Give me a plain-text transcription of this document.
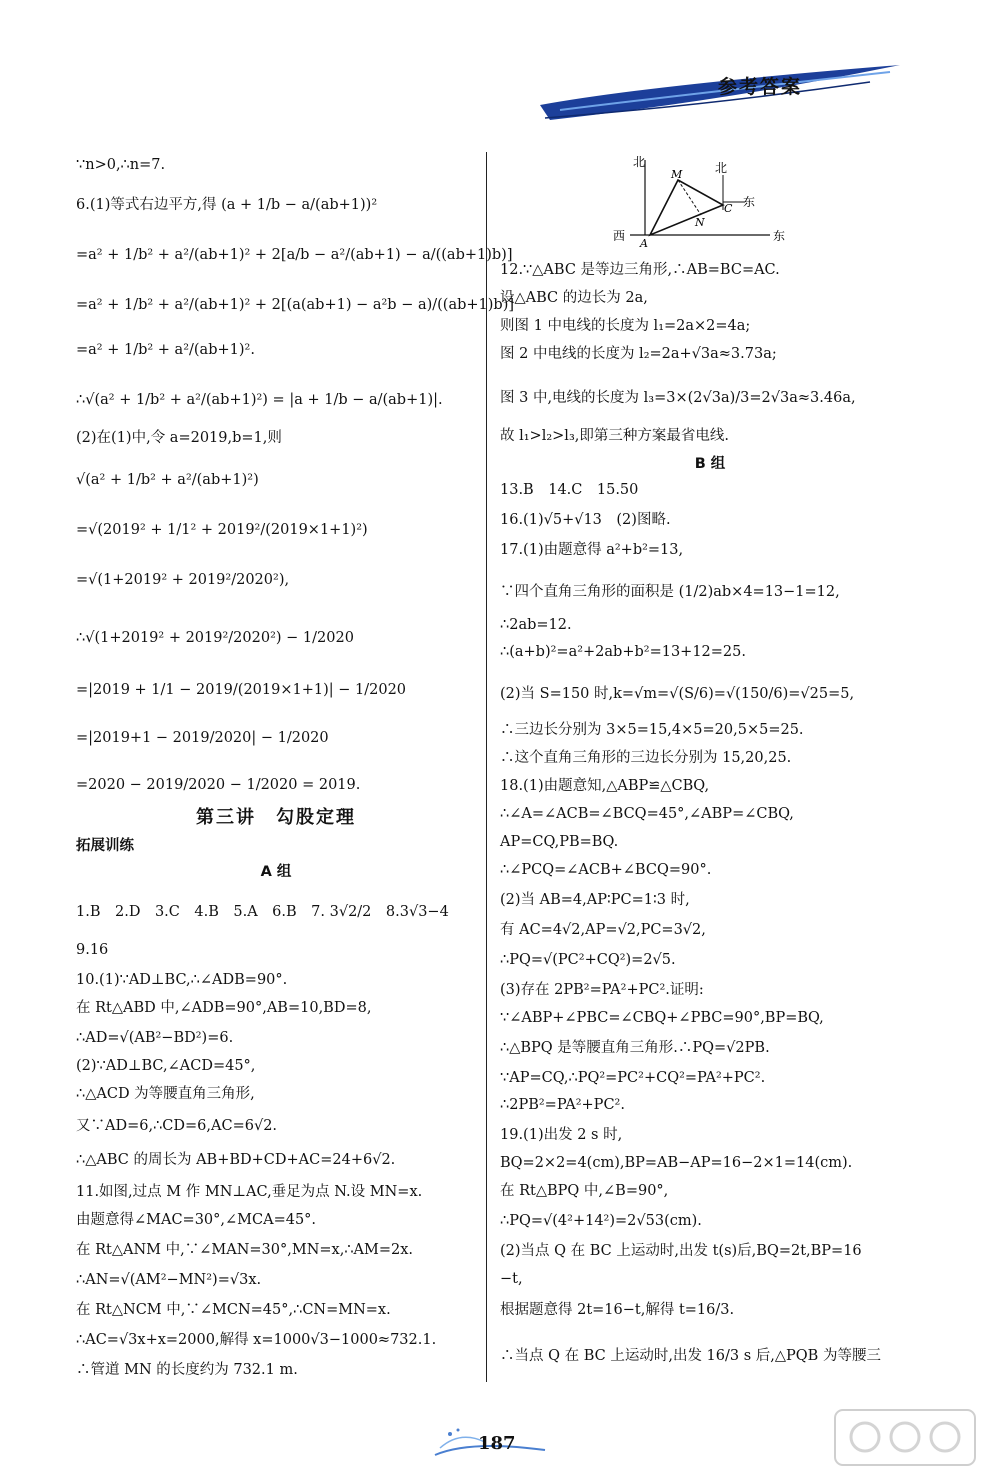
参考答案
∵n>0,∴n=7.
6.(1)等式右边平方,得 (a + 1/b − a/(ab+1))²
=a² + 1/b² + a²/(ab+1)² + 2[a/b − a²/(ab+1) − a/((ab+1)b)]
=a² + 1/b² + a²/(ab+1)² + 2[(a(ab+1) − a²b − a)/((ab+1)b)]
=a² + 1/b² + a²/(ab+1)².
∴√(a² + 1/b² + a²/(ab+1)²) = |a + 1/b − a/(ab+1)|.
(2)在(1)中,令 a=2019,b=1,则
√(a² + 1/b² + a²/(ab+1)²)
=√(2019² + 1/1² + 2019²/(2019×1+1)²)
=√(1+2019² + 2019²/2020²),
∴√(1+2019² + 2019²/2020²) − 1/2020
=|2019 + 1/1 − 2019/(2019×1+1)| − 1/2020
=|2019+1 − 2019/2020| − 1/2020
=2020 − 2019/2020 − 1/2020 = 2019.
第三讲　勾股定理
拓展训练
A 组
1.B　2.D　3.C　4.B　5.A　6.B　7. 3√2/2　8.3√3−4
9.16
10.(1)∵AD⊥BC,∴∠ADB=90°.
在 Rt△ABD 中,∠ADB=90°,AB=10,BD=8,
∴AD=√(AB²−BD²)=6.
(2)∵AD⊥BC,∠ACD=45°,
∴△ACD 为等腰直角三角形,
又∵AD=6,∴CD=6,AC=6√2.
∴△ABC 的周长为 AB+BD+CD+AC=24+6√2.
11.如图,过点 M 作 MN⊥AC,垂足为点 N.设 MN=x.
由题意得∠MAC=30°,∠MCA=45°.
在 Rt△ANM 中,∵∠MAN=30°,MN=x,∴AM=2x.
∴AN=√(AM²−MN²)=√3x.
在 Rt△NCM 中,∵∠MCN=45°,∴CN=MN=x.
∴AC=√3x+x=2000,解得 x=1000√3−1000≈732.1.
∴管道 MN 的长度约为 732.1 m.
北	北
东
西	东
M
N
C
A
12.∵△ABC 是等边三角形,∴AB=BC=AC.
设△ABC 的边长为 2a,
则图 1 中电线的长度为 l₁=2a×2=4a;
图 2 中电线的长度为 l₂=2a+√3a≈3.73a;
图 3 中,电线的长度为 l₃=3×(2√3a)/3=2√3a≈3.46a,
故 l₁>l₂>l₃,即第三种方案最省电线.
B 组
13.B　14.C　15.50
16.(1)√5+√13　(2)图略.
17.(1)由题意得 a²+b²=13,
∵四个直角三角形的面积是 (1/2)ab×4=13−1=12,
∴2ab=12.
∴(a+b)²=a²+2ab+b²=13+12=25.
(2)当 S=150 时,k=√m=√(S/6)=√(150/6)=√25=5,
∴三边长分别为 3×5=15,4×5=20,5×5=25.
∴这个直角三角形的三边长分别为 15,20,25.
18.(1)由题意知,△ABP≌△CBQ,
∴∠A=∠ACB=∠BCQ=45°,∠ABP=∠CBQ,
AP=CQ,PB=BQ.
∴∠PCQ=∠ACB+∠BCQ=90°.
(2)当 AB=4,AP∶PC=1∶3 时,
有 AC=4√2,AP=√2,PC=3√2,
∴PQ=√(PC²+CQ²)=2√5.
(3)存在 2PB²=PA²+PC².证明:
∵∠ABP+∠PBC=∠CBQ+∠PBC=90°,BP=BQ,
∴△BPQ 是等腰直角三角形.∴PQ=√2PB.
∵AP=CQ,∴PQ²=PC²+CQ²=PA²+PC².
∴2PB²=PA²+PC².
19.(1)出发 2 s 时,
BQ=2×2=4(cm),BP=AB−AP=16−2×1=14(cm).
在 Rt△BPQ 中,∠B=90°,
∴PQ=√(4²+14²)=2√53(cm).
(2)当点 Q 在 BC 上运动时,出发 t(s)后,BQ=2t,BP=16
−t,
根据题意得 2t=16−t,解得 t=16/3.
∴当点 Q 在 BC 上运动时,出发 16/3 s 后,△PQB 为等腰三
187
